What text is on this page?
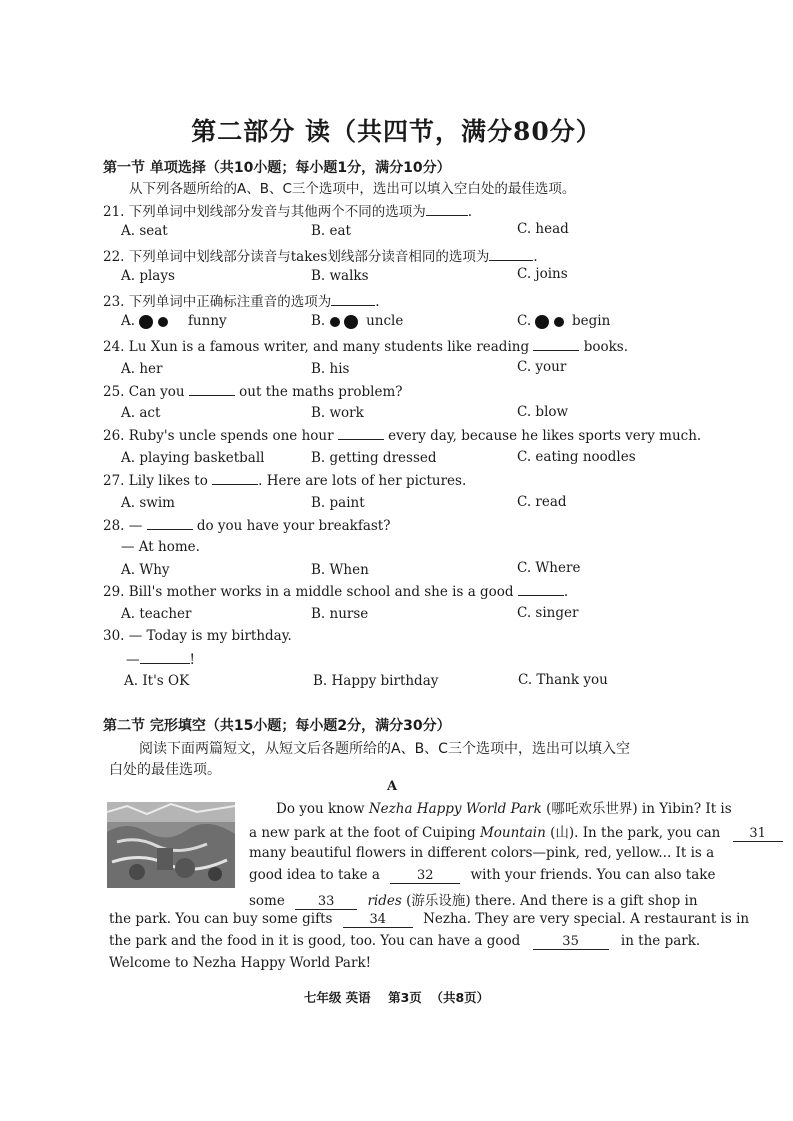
第二部分 读（共四节，满分80分）
第一节 单项选择（共10小题；每小题1分，满分10分）
从下列各题所给的A、B、C三个选项中，选出可以填入空白处的最佳选项。
21. 下列单词中划线部分发音与其他两个不同的选项为	.
A. seat	B. eat	C. head
22. 下列单词中划线部分读音与takes划线部分读音相同的选项为	.
A. plays	B. walks	C. joins
23. 下列单词中正确标注重音的选项为	.
A.	funny	B.	uncle	C.	begin
24. Lu Xun is a famous writer, and many students like reading	books.
A. her	B. his	C. your
25. Can you	out the maths problem?
A. act	B. work	C. blow
26. Ruby's uncle spends one hour	every day, because he likes sports very much.
A. playing basketball	B. getting dressed	C. eating noodles
27. Lily likes to	. Here are lots of her pictures.
A. swim	B. paint	C. read
28. —	do you have your breakfast?
— At home.
A. Why	B. When	C. Where
29. Bill's mother works in a middle school and she is a good	.
A. teacher	B. nurse	C. singer
30. — Today is my birthday.
—	!
A. It's OK	B. Happy birthday	C. Thank you
第二节 完形填空（共15小题；每小题2分，满分30分）
阅读下面两篇短文，从短文后各题所给的A、B、C三个选项中，选出可以填入空
白处的最佳选项。
A
Do you know Nezha Happy World Park (哪吒欢乐世界) in Yibin? It is
a new park at the foot of Cuiping Mountain (山). In the park, you can 31
many beautiful flowers in different colors—pink, red, yellow... It is a
good idea to take a	32	with your friends. You can also take
some	33 rides (游乐设施) there. And there is a gift shop in
the park. You can buy some gifts	34	Nezha. They are very special. A restaurant is in
the park and the food in it is good, too. You can have a good	35	in the park.
Welcome to Nezha Happy World Park!
七年级 英语    第3页  （共8页）
